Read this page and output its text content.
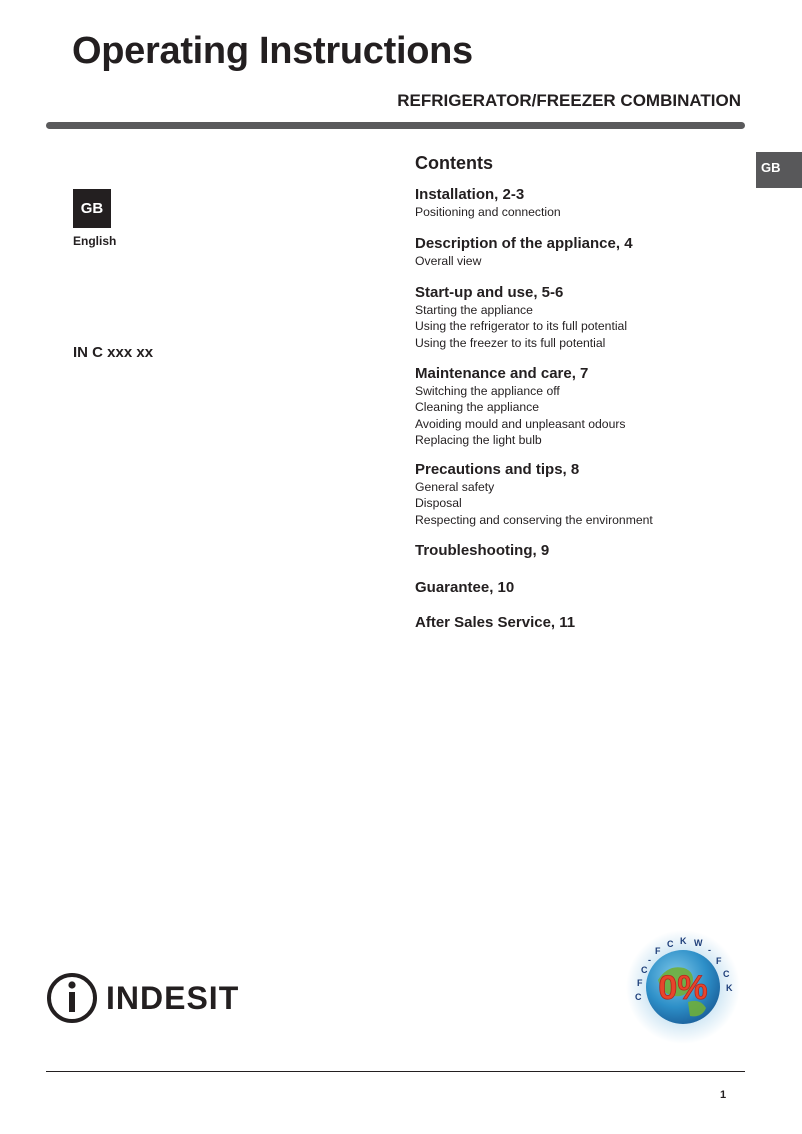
Operating Instructions
REFRIGERATOR/FREEZER COMBINATION
GB
GB
English
IN C xxx xx
Contents
Installation, 2-3
Positioning and connection
Description of the appliance, 4
Overall view
Start-up and use, 5-6
Starting the appliance
Using the refrigerator to its full potential
Using the freezer to its full potential
Maintenance and care, 7
Switching the appliance off
Cleaning the appliance
Avoiding mould and unpleasant odours
Replacing the light bulb
Precautions and tips, 8
General safety
Disposal
Respecting and conserving the environment
Troubleshooting, 9
Guarantee, 10
After Sales Service, 11
INDESIT	0%
C F C - F C K W - F C K
1
